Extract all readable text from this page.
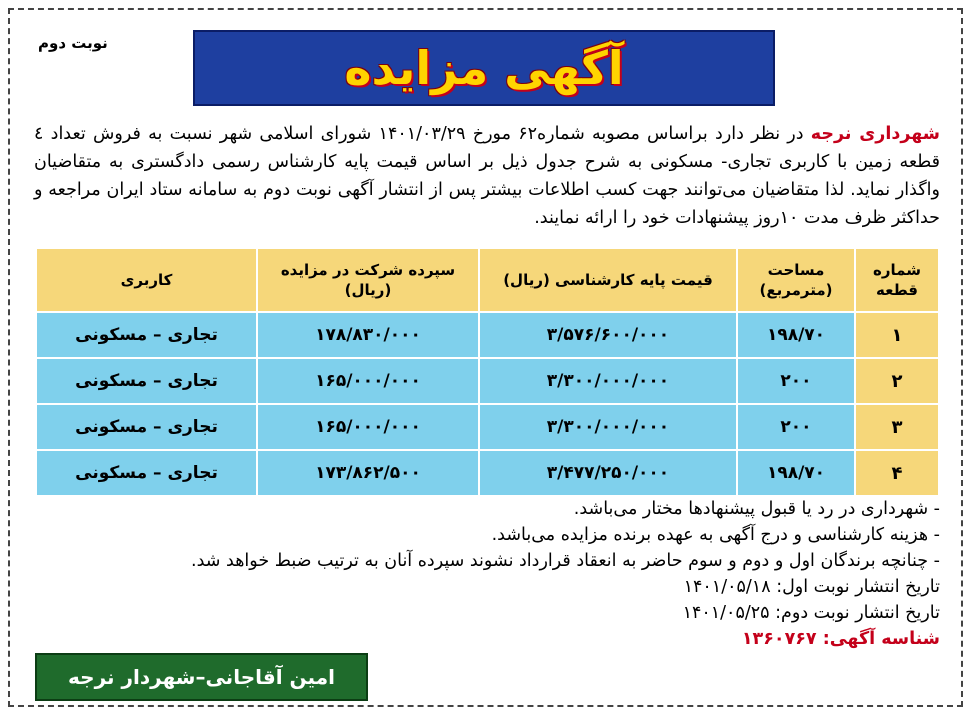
نوبت دوم	آگهی مزایده
شهرداری نرجه در نظر دارد براساس مصوبه شماره۶۲ مورخ ۱۴۰۱/۰۳/۲۹ شورای اسلامی شهر نسبت به فروش تعداد ٤ قطعه زمین با کاربری تجاری- مسکونی به شرح جدول ذیل بر اساس قیمت پایه کارشناس رسمی دادگستری به متقاضیان واگذار نماید. لذا متقاضیان می‌توانند جهت کسب اطلاعات بیشتر پس از انتشار آگهی نوبت دوم به سامانه ستاد ایران مراجعه و حداکثر ظرف مدت ۱۰روز پیشنهادات خود را ارائه نمایند.
شماره قطعه	مساحت (مترمربع)	قیمت پایه کارشناسی (ریال)	سپرده شرکت در مزایده (ریال)	کاربری
۱	۱۹۸/۷۰	۳/۵۷۶/۶۰۰/۰۰۰	۱۷۸/۸۳۰/۰۰۰	تجاری – مسکونی
۲	۲۰۰	۳/۳۰۰/۰۰۰/۰۰۰	۱۶۵/۰۰۰/۰۰۰	تجاری – مسکونی
۳	۲۰۰	۳/۳۰۰/۰۰۰/۰۰۰	۱۶۵/۰۰۰/۰۰۰	تجاری – مسکونی
۴	۱۹۸/۷۰	۳/۴۷۷/۲۵۰/۰۰۰	۱۷۳/۸۶۲/۵۰۰	تجاری – مسکونی
- شهرداری در رد یا قبول پیشنهادها مختار می‌باشد.
- هزینه کارشناسی و درج آگهی به عهده برنده مزایده می‌باشد.
- چنانچه برندگان اول و دوم و سوم حاضر به انعقاد قرارداد نشوند سپرده آنان به ترتیب ضبط خواهد شد.
تاریخ انتشار نوبت اول: ۱۴۰۱/۰۵/۱۸
تاریخ انتشار نوبت دوم: ۱۴۰۱/۰۵/۲۵
شناسه آگهی: ۱۳۶۰۷۶۷
امین آقاجانی–شهردار نرجه
